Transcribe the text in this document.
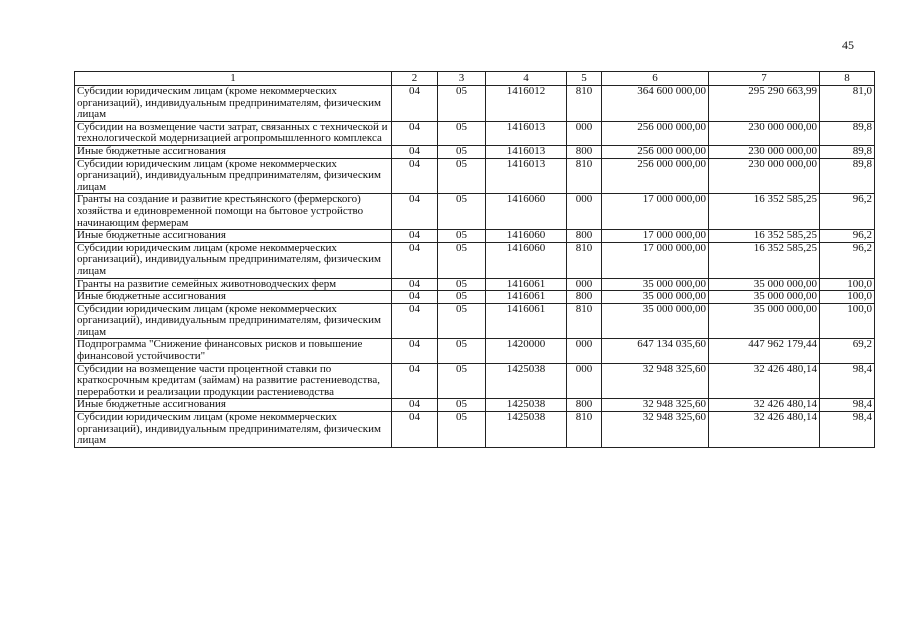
45
1	2	3	4	5	6	7	8
Субсидии юридическим лицам (кроме некоммерческих организаций), индивидуальным предпринимателям, физическим лицам	04	05	1416012	810	364 600 000,00	295 290 663,99	81,0
Субсидии на возмещение части затрат, связанных с технической и технологической модернизацией агропромышленного комплекса	04	05	1416013	000	256 000 000,00	230 000 000,00	89,8
Иные бюджетные ассигнования	04	05	1416013	800	256 000 000,00	230 000 000,00	89,8
Субсидии юридическим лицам (кроме некоммерческих организаций), индивидуальным предпринимателям, физическим лицам	04	05	1416013	810	256 000 000,00	230 000 000,00	89,8
Гранты на создание и развитие крестьянского (фермерского) хозяйства и единовременной помощи на бытовое устройство начинающим фермерам	04	05	1416060	000	17 000 000,00	16 352 585,25	96,2
Иные бюджетные ассигнования	04	05	1416060	800	17 000 000,00	16 352 585,25	96,2
Субсидии юридическим лицам (кроме некоммерческих организаций), индивидуальным предпринимателям, физическим лицам	04	05	1416060	810	17 000 000,00	16 352 585,25	96,2
Гранты на развитие семейных животноводческих ферм	04	05	1416061	000	35 000 000,00	35 000 000,00	100,0
Иные бюджетные ассигнования	04	05	1416061	800	35 000 000,00	35 000 000,00	100,0
Субсидии юридическим лицам (кроме некоммерческих организаций), индивидуальным предпринимателям, физическим лицам	04	05	1416061	810	35 000 000,00	35 000 000,00	100,0
Подпрограмма "Снижение финансовых рисков и повышение финансовой устойчивости"	04	05	1420000	000	647 134 035,60	447 962 179,44	69,2
Субсидии на возмещение части процентной ставки по краткосрочным кредитам (займам) на развитие растениеводства, переработки и реализации продукции растениеводства	04	05	1425038	000	32 948 325,60	32 426 480,14	98,4
Иные бюджетные ассигнования	04	05	1425038	800	32 948 325,60	32 426 480,14	98,4
Субсидии юридическим лицам (кроме некоммерческих организаций), индивидуальным предпринимателям, физическим лицам	04	05	1425038	810	32 948 325,60	32 426 480,14	98,4
